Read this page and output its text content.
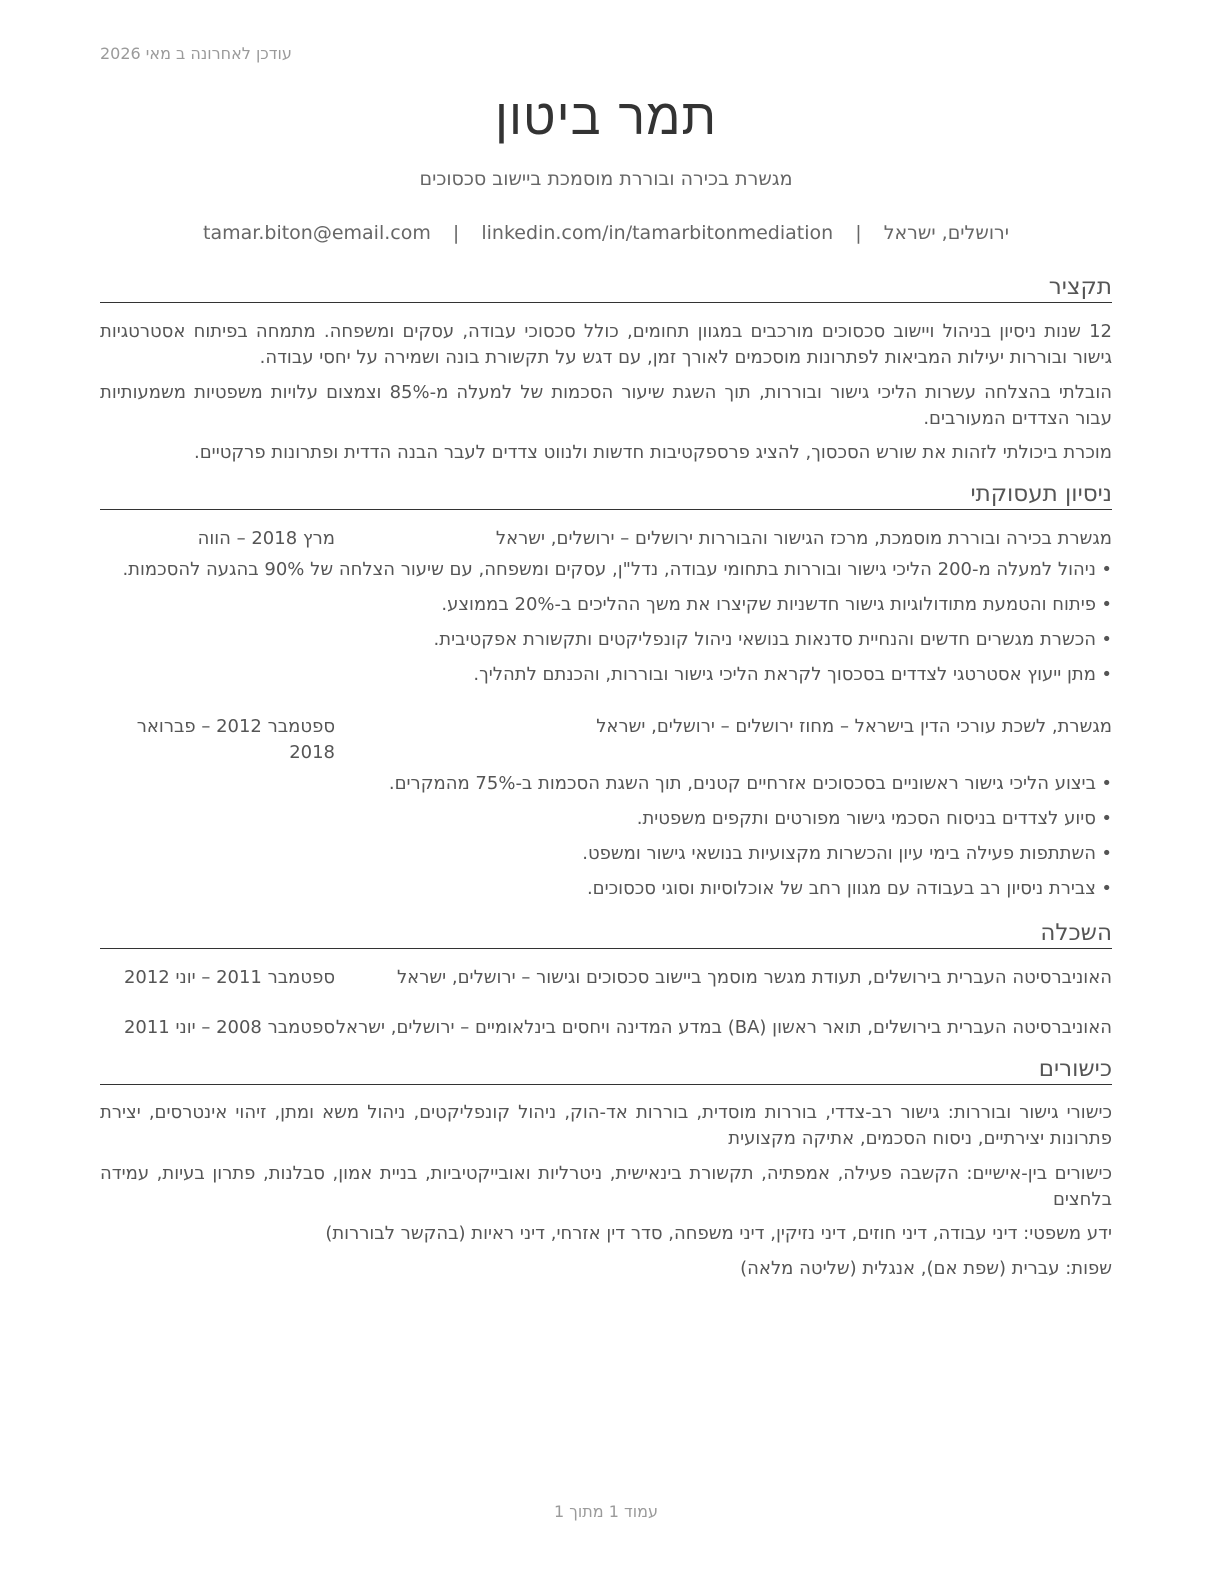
עודכן לאחרונה ב מאי 2026
תמר ביטון
מגשרת בכירה ובוררת מוסמכת ביישוב סכסוכים
ירושלים, ישראל | tamar.biton@email.com | linkedin.com/in/tamarbitonmediation
תקציר
12 שנות ניסיון בניהול ויישוב סכסוכים מורכבים במגוון תחומים, כולל סכסוכי עבודה, עסקים ומשפחה. מתמחה בפיתוח אסטרטגיות גישור ובוררות יעילות המביאות לפתרונות מוסכמים לאורך זמן, עם דגש על תקשורת בונה ושמירה על יחסי עבודה.
הובלתי בהצלחה עשרות הליכי גישור ובוררות, תוך השגת שיעור הסכמות של למעלה מ-85% וצמצום עלויות משפטיות משמעותיות עבור הצדדים המעורבים.
מוכרת ביכולתי לזהות את שורש הסכסוך, להציג פרספקטיבות חדשות ולנווט צדדים לעבר הבנה הדדית ופתרונות פרקטיים.
ניסיון תעסוקתי
מגשרת בכירה ובוררת מוסמכת, מרכז הגישור והבוררות ירושלים – ירושלים, ישראל
מרץ 2018 – הווה
•
ניהול למעלה מ-200 הליכי גישור ובוררות בתחומי עבודה, נדל"ן, עסקים ומשפחה, עם שיעור הצלחה של 90% בהגעה להסכמות.
•
פיתוח והטמעת מתודולוגיות גישור חדשניות שקיצרו את משך ההליכים ב-20% בממוצע.
•
הכשרת מגשרים חדשים והנחיית סדנאות בנושאי ניהול קונפליקטים ותקשורת אפקטיבית.
•
מתן ייעוץ אסטרטגי לצדדים בסכסוך לקראת הליכי גישור ובוררות, והכנתם לתהליך.
מגשרת, לשכת עורכי הדין בישראל – מחוז ירושלים – ירושלים, ישראל
ספטמבר 2012 – פברואר 2018
•
ביצוע הליכי גישור ראשוניים בסכסוכים אזרחיים קטנים, תוך השגת הסכמות ב-75% מהמקרים.
•
סיוע לצדדים בניסוח הסכמי גישור מפורטים ותקפים משפטית.
•
השתתפות פעילה בימי עיון והכשרות מקצועיות בנושאי גישור ומשפט.
•
צבירת ניסיון רב בעבודה עם מגוון רחב של אוכלוסיות וסוגי סכסוכים.
השכלה
האוניברסיטה העברית בירושלים, תעודת מגשר מוסמך ביישוב סכסוכים וגישור – ירושלים, ישראל
ספטמבר 2011 – יוני 2012
האוניברסיטה העברית בירושלים, תואר ראשון (BA) במדע המדינה ויחסים בינלאומיים – ירושלים, ישראל
ספטמבר 2008 – יוני 2011
כישורים
כישורי גישור ובוררות: גישור רב-צדדי, בוררות מוסדית, בוררות אד-הוק, ניהול קונפליקטים, ניהול משא ומתן, זיהוי אינטרסים, יצירת פתרונות יצירתיים, ניסוח הסכמים, אתיקה מקצועית
כישורים בין-אישיים: הקשבה פעילה, אמפתיה, תקשורת בינאישית, ניטרליות ואובייקטיביות, בניית אמון, סבלנות, פתרון בעיות, עמידה בלחצים
ידע משפטי: דיני עבודה, דיני חוזים, דיני נזיקין, דיני משפחה, סדר דין אזרחי, דיני ראיות (בהקשר לבוררות)
שפות: עברית (שפת אם), אנגלית (שליטה מלאה)
עמוד 1 מתוך 1
